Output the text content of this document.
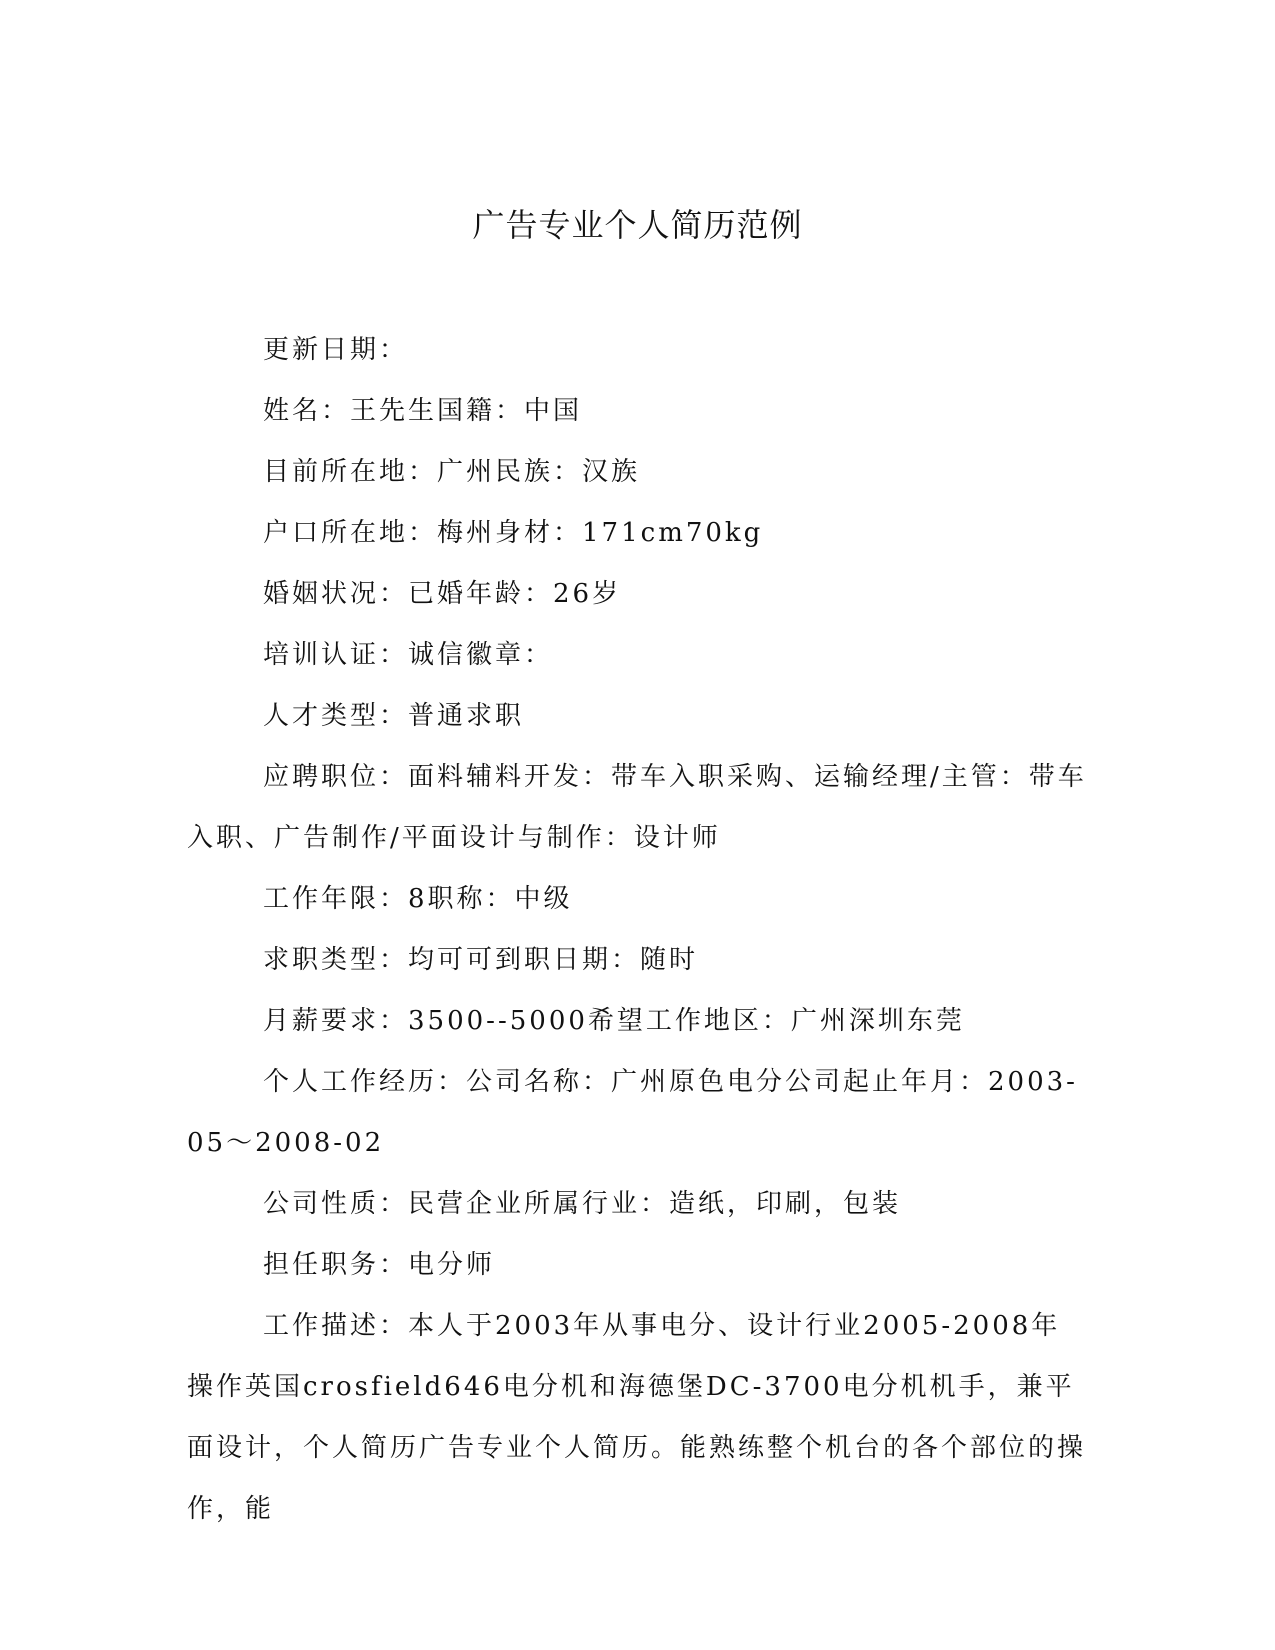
广告专业个人简历范例

更新日期：

姓名：王先生国籍：中国

目前所在地：广州民族：汉族

户口所在地：梅州身材：171cm70kg

婚姻状况：已婚年龄：26岁

培训认证：诚信徽章：

人才类型：普通求职

应聘职位：面料辅料开发：带车入职采购、运输经理/主管：带车入职、广告制作/平面设计与制作：设计师

工作年限：8职称：中级

求职类型：均可可到职日期：随时

月薪要求：3500--5000希望工作地区：广州深圳东莞

个人工作经历：公司名称：广州原色电分公司起止年月：2003-05～2008-02

公司性质：民营企业所属行业：造纸，印刷，包装

担任职务：电分师

工作描述：本人于2003年从事电分、设计行业2005-2008年操作英国crosfield646电分机和海德堡DC-3700电分机机手，兼平面设计，个人简历广告专业个人简历。能熟练整个机台的各个部位的操作，能
